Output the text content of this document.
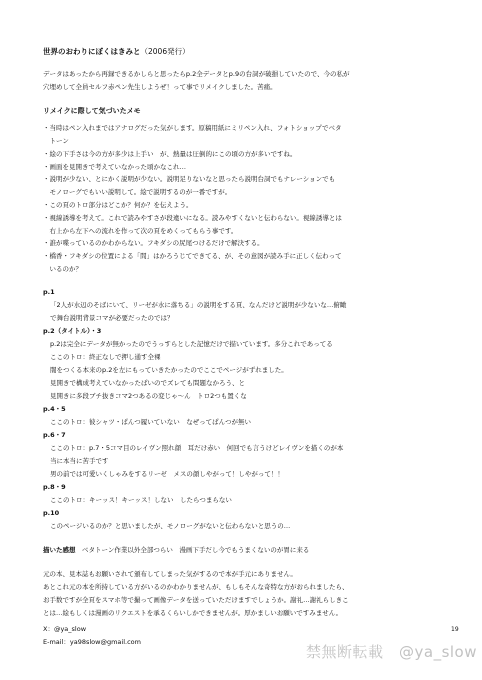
世界のおわりにぼくはきみと（2006発行）
データはあったから再録できるかしらと思ったらp.2全データとp.9の台詞が破損していたので、今の私が
穴埋めして全員セルフ赤ペン先生しようぜ！って事でリメイクしました。苦痛。
リメイクに際して気づいたメモ
・当時はペン入れまではアナログだった気がします。原稿用紙にミリペン入れ、フォトショップでベタ
　トーン
・絵の下手さは今の方が多少は上手い　が、熱量は圧倒的にこの頃の方が多いですね。
・画面を見開きで考えていなかった頃かなこれ…
・説明が少ない、とにかく説明が少ない。説明足りないなと思ったら説明台詞でもナレーションでも
　モノローグでもいい説明して。絵で説明するのが一番ですが。
・この頁のトロ部分はどこか？何か？を伝えよう。
・視線誘導を考えて。これで読みやすさが段違いになる。読みやすくないと伝わらない。視線誘導とは
　右上から左下への流れを作って次の頁をめくってもらう事です。
・誰が喋っているのかわからない。フキダシの尻尾つけるだけで解決する。
・橋香・フキダシの位置による「間」はかろうじてできてる、が、その意図が読み手に正しく伝わって
　いるのか？
p.1
「2人が水辺のそばにいて、リーゼが水に落ちる」の説明をする頁、なんだけど説明が少ないな…俯瞰
で舞台説明背景コマが必要だったのでは？
p.2（タイトル）・3
p.2は完全にデータが無かったのでうっすらとした記憶だけで描いています。多分これであってる
ここのトロ：終正なしで押し通す全裸
闇をつくる本来のp.2を左にもっていきたかったのでここでページがずれました。
見開きで構成考えていなかったぱいのでズレても問題なかろう、と
見開きに多段ブチ抜きコマ2つあるの変じゃ～ん　トロ2つも置くな
p.4・5
ここのトロ：彼シャツ・ぱんつ履いていない　なぜってぱんつが無い
p.6・7
ここのトロ：p.7・5コマ目のレイヴン照れ顔　耳だけ赤い　何回でも言うけどレイヴンを描くのが本
当に本当に苦手です
男の前では可愛いくしゃみをするリーゼ　メスの顔しやがって！しやがって！！
p.8・9
ここのトロ：キーッス！キーッス！しない　したらつまらない
p.10
このページいるのか？と思いましたが、モノローグがないと伝わらないと思うの…
描いた感想　 ベタトーン作業以外全部つらい　漫画下手だし今でもうまくないのが胃に来る
元の本、見本誌もお願いされて頒布してしまった気がするので本が手元にありません。
あとこれ元の本を所持している方がいるのかわかりませんが、もしもそんな奇特な方がおられましたら、
お手数ですが全頁をスマホ等で撮って画像データを送っていただけますでしょうか。謝礼…謝礼らしきこ
とは…絵もしくは漫画のリクエストを承るくらいしかできませんが。厚かましいお願いですみません。
X：@ya_slow
E-mail：ya98slow@gmail.com
19
禁無断転載　@ya_slow
